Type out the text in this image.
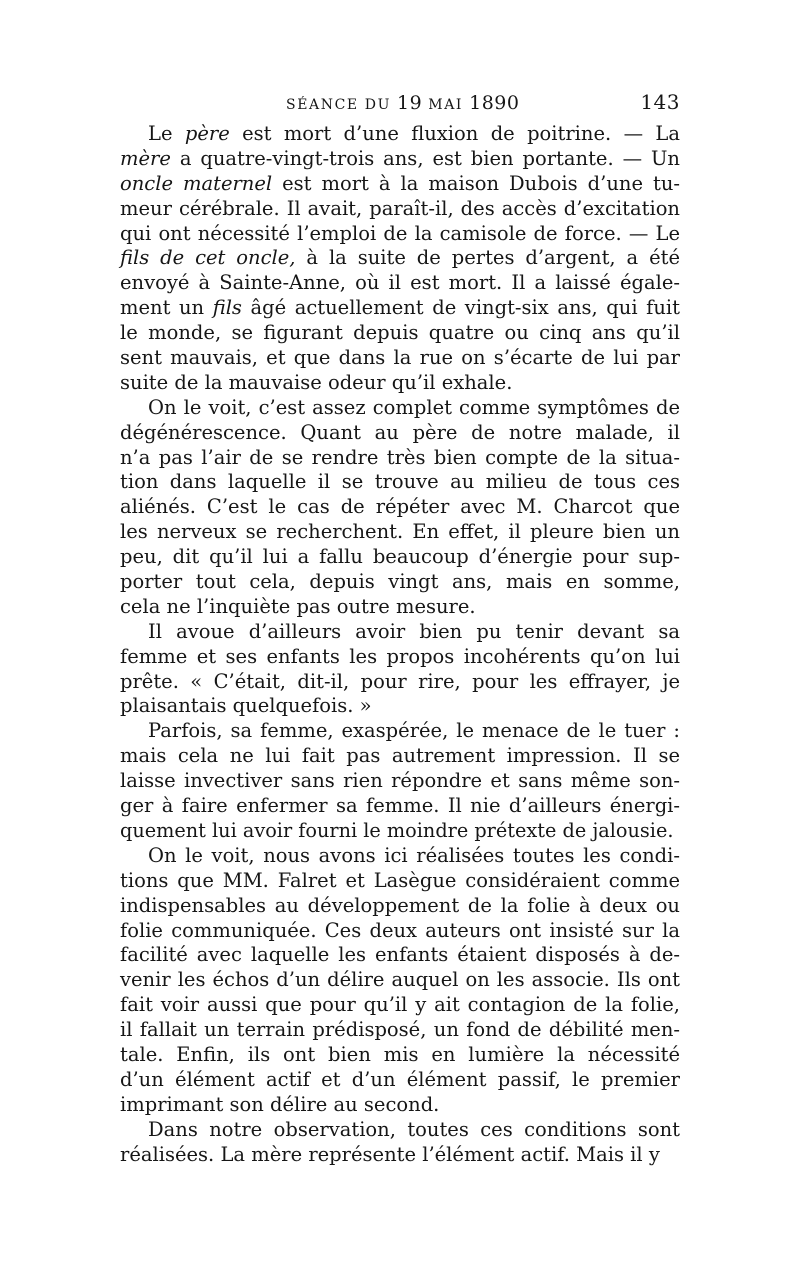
SÉANCE DU 19 MAI 1890	143
Le père est mort d’une fluxion de poitrine. — La
mère a quatre-vingt-trois ans, est bien portante. — Un
oncle maternel est mort à la maison Dubois d’une tu-
meur cérébrale. Il avait, paraît-il, des accès d’excitation
qui ont nécessité l’emploi de la camisole de force. — Le
fils de cet oncle, à la suite de pertes d’argent, a été
envoyé à Sainte-Anne, où il est mort. Il a laissé égale-
ment un fils âgé actuellement de vingt-six ans, qui fuit
le monde, se figurant depuis quatre ou cinq ans qu’il
sent mauvais, et que dans la rue on s’écarte de lui par
suite de la mauvaise odeur qu’il exhale.
On le voit, c’est assez complet comme symptômes de
dégénérescence. Quant au père de notre malade, il
n’a pas l’air de se rendre très bien compte de la situa-
tion dans laquelle il se trouve au milieu de tous ces
aliénés. C’est le cas de répéter avec M. Charcot que
les nerveux se recherchent. En effet, il pleure bien un
peu, dit qu’il lui a fallu beaucoup d’énergie pour sup-
porter tout cela, depuis vingt ans, mais en somme,
cela ne l’inquiète pas outre mesure.
Il avoue d’ailleurs avoir bien pu tenir devant sa
femme et ses enfants les propos incohérents qu’on lui
prête. « C’était, dit-il, pour rire, pour les effrayer, je
plaisantais quelquefois. »
Parfois, sa femme, exaspérée, le menace de le tuer :
mais cela ne lui fait pas autrement impression. Il se
laisse invectiver sans rien répondre et sans même son-
ger à faire enfermer sa femme. Il nie d’ailleurs énergi-
quement lui avoir fourni le moindre prétexte de jalousie.
On le voit, nous avons ici réalisées toutes les condi-
tions que MM. Falret et Lasègue considéraient comme
indispensables au développement de la folie à deux ou
folie communiquée. Ces deux auteurs ont insisté sur la
facilité avec laquelle les enfants étaient disposés à de-
venir les échos d’un délire auquel on les associe. Ils ont
fait voir aussi que pour qu’il y ait contagion de la folie,
il fallait un terrain prédisposé, un fond de débilité men-
tale. Enfin, ils ont bien mis en lumière la nécessité
d’un élément actif et d’un élément passif, le premier
imprimant son délire au second.
Dans notre observation, toutes ces conditions sont
réalisées. La mère représente l’élément actif. Mais il y
